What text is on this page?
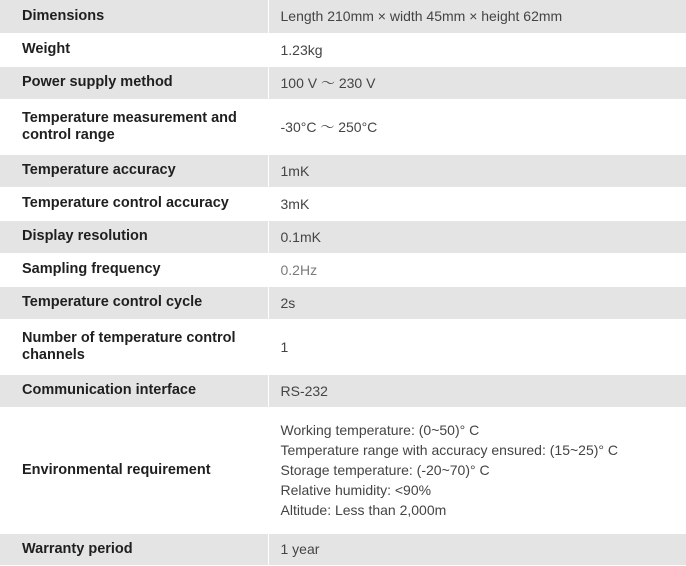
Dimensions	Length 210mm × width 45mm × height 62mm

Weight	1.23kg

Power supply method	100 V ～ 230 V

Temperature measurement and control range	-30°C ～ 250°C

Temperature accuracy	1mK

Temperature control accuracy	3mK

Display resolution	0.1mK

Sampling frequency	0.2Hz

Temperature control cycle	2s

Number of temperature control channels	1

Communication interface	RS-232

Environmental requirement	Working temperature: (0~50)° C
Temperature range with accuracy ensured: (15~25)° C
Storage temperature: (-20~70)° C
Relative humidity: <90%
Altitude: Less than 2,000m

Warranty period	1 year
